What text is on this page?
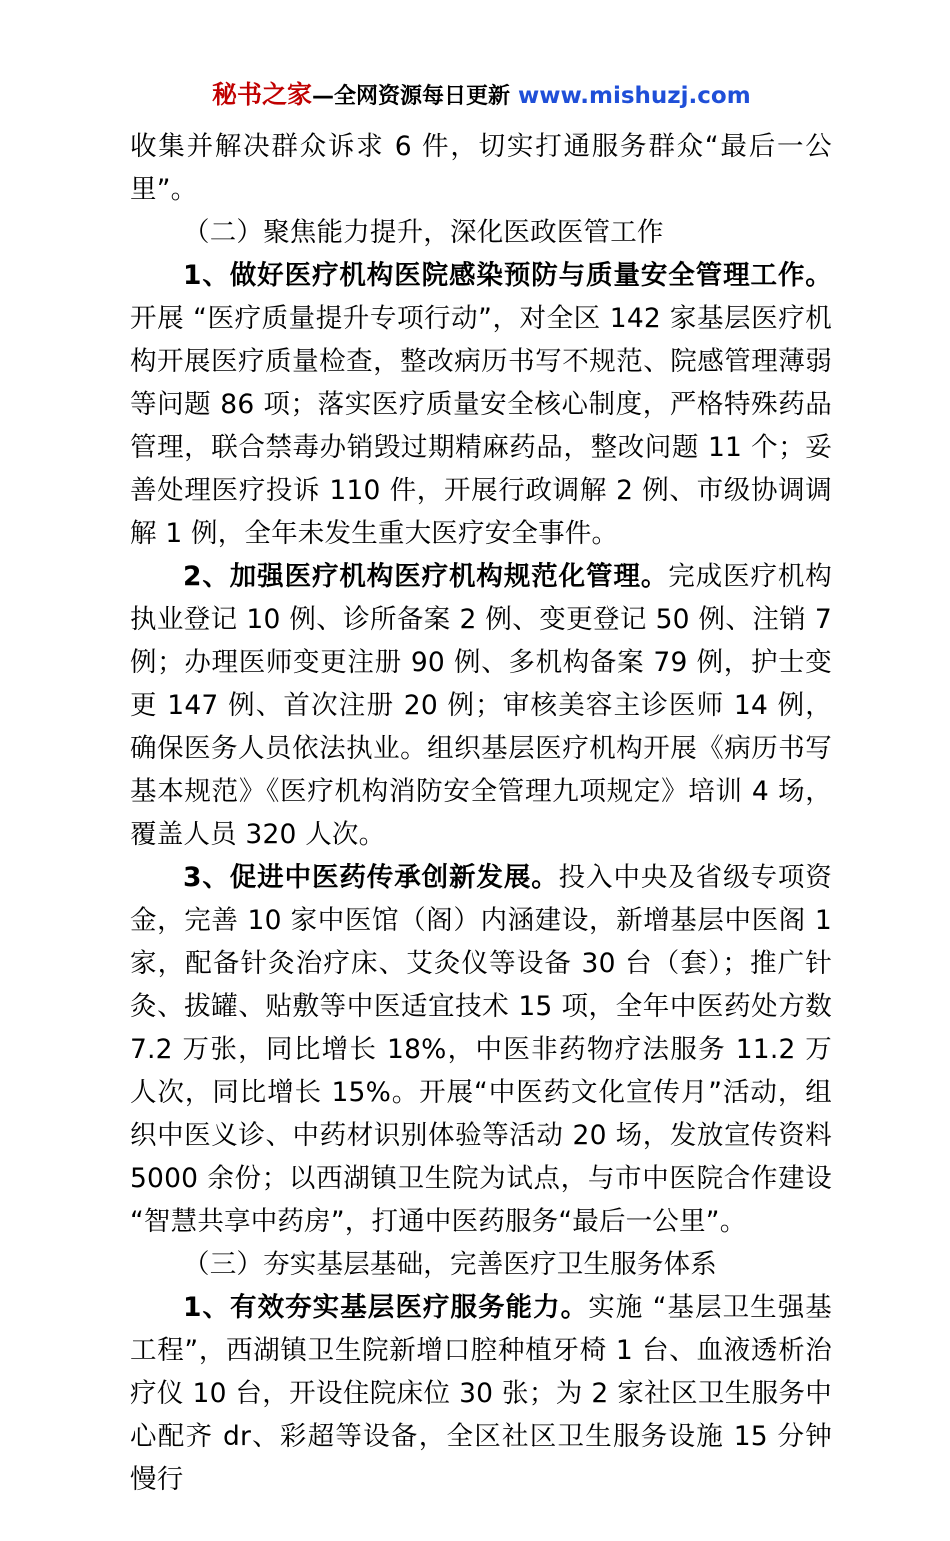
秘书之家—全网资源每日更新 www.mishuzj.com
收集并解决群众诉求 6 件，切实打通服务群众“最后一公里”。
（二）聚焦能力提升，深化医政医管工作
1、做好医疗机构医院感染预防与质量安全管理工作。开展 “医疗质量提升专项行动”，对全区 142 家基层医疗机构开展医疗质量检查，整改病历书写不规范、院感管理薄弱等问题 86 项；落实医疗质量安全核心制度，严格特殊药品管理，联合禁毒办销毁过期精麻药品，整改问题 11 个；妥善处理医疗投诉 110 件，开展行政调解 2 例、市级协调调解 1 例，全年未发生重大医疗安全事件。
2、加强医疗机构医疗机构规范化管理。完成医疗机构执业登记 10 例、诊所备案 2 例、变更登记 50 例、注销 7 例；办理医师变更注册 90 例、多机构备案 79 例，护士变更 147 例、首次注册 20 例；审核美容主诊医师 14 例，确保医务人员依法执业。组织基层医疗机构开展《病历书写基本规范》《医疗机构消防安全管理九项规定》培训 4 场，覆盖人员 320 人次。
3、促进中医药传承创新发展。投入中央及省级专项资金，完善 10 家中医馆（阁）内涵建设，新增基层中医阁 1 家，配备针灸治疗床、艾灸仪等设备 30 台（套）；推广针灸、拔罐、贴敷等中医适宜技术 15 项，全年中医药处方数 7.2 万张，同比增长 18%，中医非药物疗法服务 11.2 万人次，同比增长 15%。开展“中医药文化宣传月”活动，组织中医义诊、中药材识别体验等活动 20 场，发放宣传资料 5000 余份；以西湖镇卫生院为试点，与市中医院合作建设 “智慧共享中药房”，打通中医药服务“最后一公里”。
（三）夯实基层基础，完善医疗卫生服务体系
1、有效夯实基层医疗服务能力。实施 “基层卫生强基工程”，西湖镇卫生院新增口腔种植牙椅 1 台、血液透析治疗仪 10 台，开设住院床位 30 张；为 2 家社区卫生服务中心配齐 dr、彩超等设备，全区社区卫生服务设施 15 分钟慢行
